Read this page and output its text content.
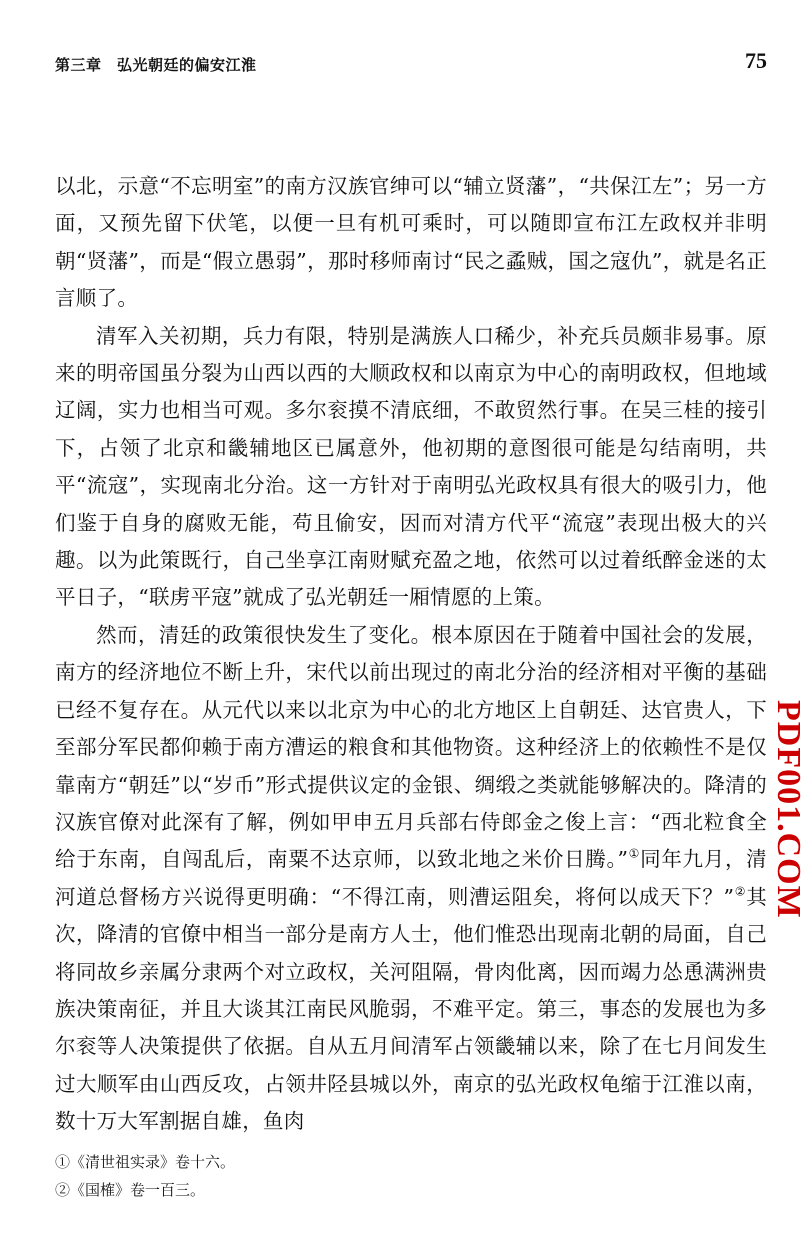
第三章　弘光朝廷的偏安江淮	75

以北，示意“不忘明室”的南方汉族官绅可以“辅立贤藩”，“共保江左”；另一方面，又预先留下伏笔，以便一旦有机可乘时，可以随即宣布江左政权并非明朝“贤藩”，而是“假立愚弱”，那时移师南讨“民之蟊贼，国之寇仇”，就是名正言顺了。

清军入关初期，兵力有限，特别是满族人口稀少，补充兵员颇非易事。原来的明帝国虽分裂为山西以西的大顺政权和以南京为中心的南明政权，但地域辽阔，实力也相当可观。多尔衮摸不清底细，不敢贸然行事。在吴三桂的接引下，占领了北京和畿辅地区已属意外，他初期的意图很可能是勾结南明，共平“流寇”，实现南北分治。这一方针对于南明弘光政权具有很大的吸引力，他们鉴于自身的腐败无能，苟且偷安，因而对清方代平“流寇”表现出极大的兴趣。以为此策既行，自己坐享江南财赋充盈之地，依然可以过着纸醉金迷的太平日子，“联虏平寇”就成了弘光朝廷一厢情愿的上策。

然而，清廷的政策很快发生了变化。根本原因在于随着中国社会的发展，南方的经济地位不断上升，宋代以前出现过的南北分治的经济相对平衡的基础已经不复存在。从元代以来以北京为中心的北方地区上自朝廷、达官贵人，下至部分军民都仰赖于南方漕运的粮食和其他物资。这种经济上的依赖性不是仅靠南方“朝廷”以“岁币”形式提供议定的金银、绸缎之类就能够解决的。降清的汉族官僚对此深有了解，例如甲申五月兵部右侍郎金之俊上言：“西北粒食全给于东南，自闯乱后，南粟不达京师，以致北地之米价日腾。”①同年九月，清河道总督杨方兴说得更明确：“不得江南，则漕运阻矣，将何以成天下？”②其次，降清的官僚中相当一部分是南方人士，他们惟恐出现南北朝的局面，自己将同故乡亲属分隶两个对立政权，关河阻隔，骨肉仳离，因而竭力怂恿满洲贵族决策南征，并且大谈其江南民风脆弱，不难平定。第三，事态的发展也为多尔衮等人决策提供了依据。自从五月间清军占领畿辅以来，除了在七月间发生过大顺军由山西反攻，占领井陉县城以外，南京的弘光政权龟缩于江淮以南，数十万大军割据自雄，鱼肉

①《清世祖实录》卷十六。
②《国榷》卷一百三。
PDF001.COM
